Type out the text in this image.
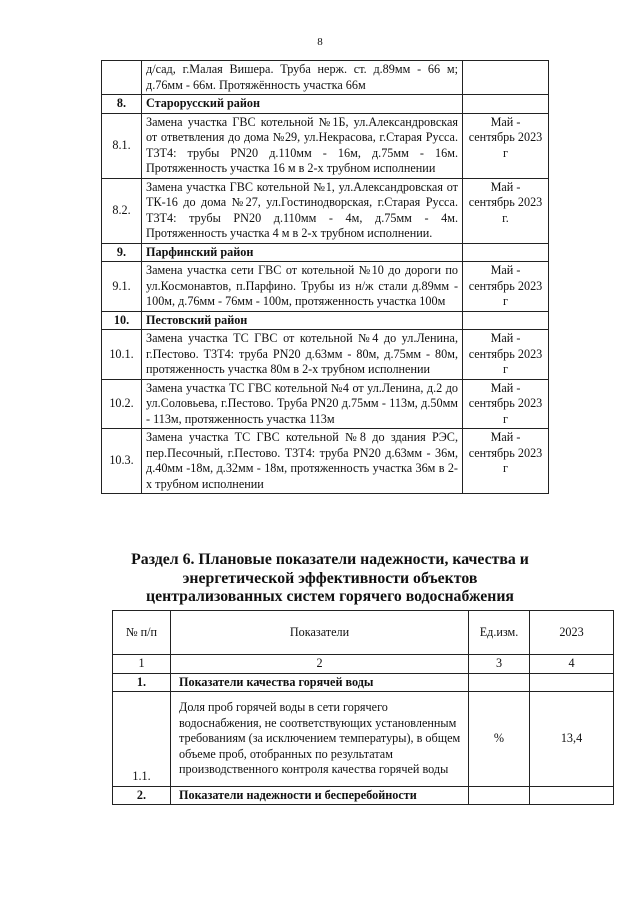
8
	д/сад, г.Малая Вишера. Труба нерж. ст. д.89мм - 66 м; д.76мм - 66м. Протяжённость участка 66м	
8.	Старорусский район	
8.1.	Замена участка ГВС котельной №1Б, ул.Александровская от ответвления до дома №29, ул.Некрасова, г.Старая Русса. Т3Т4: трубы PN20 д.110мм - 16м, д.75мм - 16м. Протяженность участка 16 м в 2-х трубном исполнении	Май - сентябрь 2023 г
8.2.	Замена участка ГВС котельной №1, ул.Александровская от ТК-16 до дома №27, ул.Гостинодворская, г.Старая Русса. Т3Т4: трубы PN20 д.110мм - 4м, д.75мм - 4м. Протяженность участка 4 м в 2-х трубном исполнении.	Май - сентябрь 2023 г.
9.	Парфинский район	
9.1.	Замена участка сети ГВС от котельной №10 до дороги по ул.Космонавтов, п.Парфино. Трубы из н/ж стали д.89мм - 100м, д.76мм - 76мм - 100м, протяженность участка 100м	Май - сентябрь 2023 г
10.	Пестовский район	
10.1.	Замена участка ТС ГВС от котельной №4 до ул.Ленина, г.Пестово. Т3Т4: труба PN20 д.63мм - 80м, д.75мм - 80м, протяженность участка 80м в 2-х трубном исполнении	Май - сентябрь 2023 г
10.2.	Замена участка ТС ГВС котельной №4 от ул.Ленина, д.2 до ул.Соловьева, г.Пестово. Труба PN20 д.75мм - 113м, д.50мм - 113м, протяженность участка 113м	Май - сентябрь 2023 г
10.3.	Замена участка ТС ГВС котельной №8 до здания РЭС, пер.Песочный, г.Пестово. Т3Т4: труба PN20 д.63мм - 36м, д.40мм -18м, д.32мм - 18м, протяженность участка 36м в 2-х трубном исполнении	Май - сентябрь 2023 г
Раздел 6. Плановые показатели надежности, качества и энергетической эффективности объектов централизованных систем горячего водоснабжения
№ п/п	Показатели	Ед.изм.	2023
1	2	3	4
1.	Показатели качества горячей воды		
1.1.	Доля проб горячей воды в сети горячего водоснабжения, не соответствующих установленным требованиям (за исключением температуры), в общем объеме проб, отобранных по результатам производственного контроля качества горячей воды	%	13,4
2.	Показатели надежности и бесперебойности		
